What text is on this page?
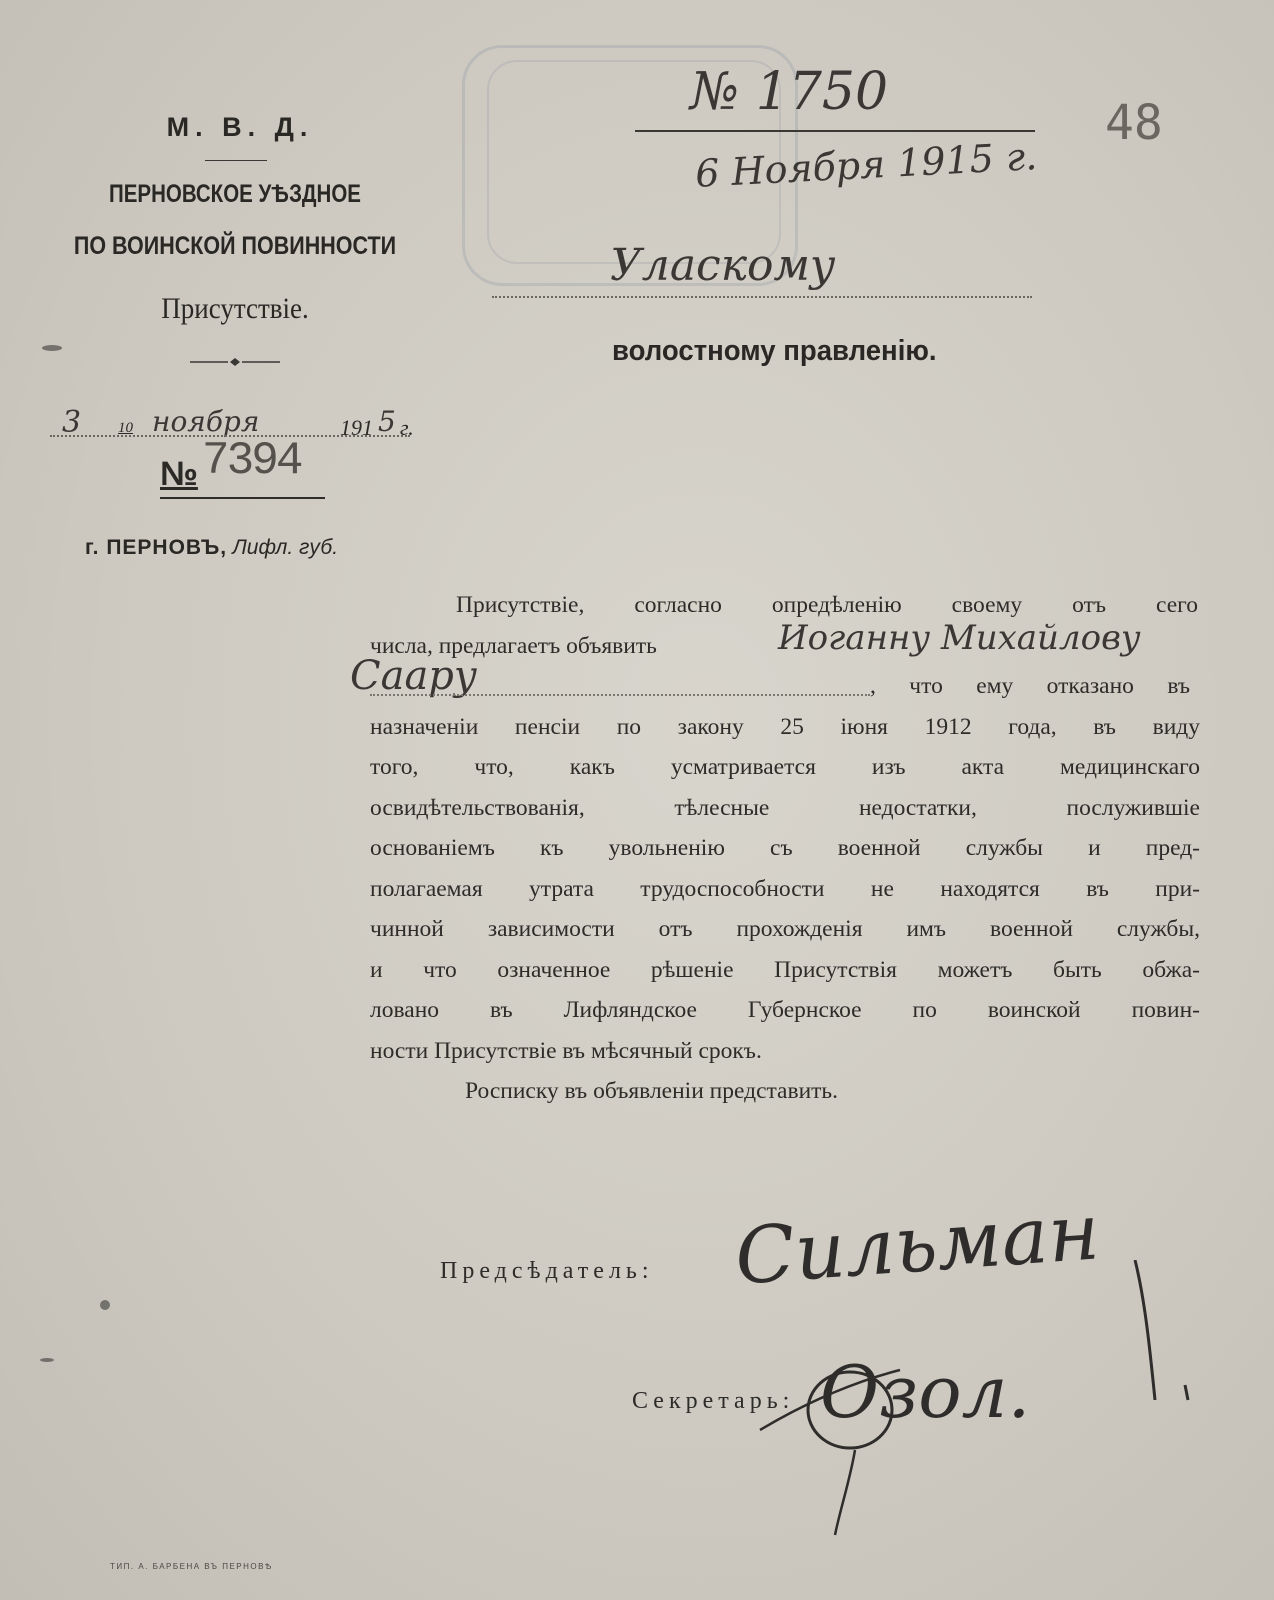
М. В. Д.
ПЕРНОВСКОЕ УѢЗДНОЕ
ПО ВОИНСКОЙ ПОВИННОСТИ
Присутствiе.
3 10 ноября	191 5 г.
№ 7394
г. ПЕРНОВЪ, Лифл. губ.
№ 1750
6 Ноября 1915 г.
48
Уласкому
волостному правленiю.
Присутствiе, согласно опредѣленiю своему отъ сего
числа, предлагаетъ объявить	Иоганну Михайлову
Саару	, что ему отказано въ
назначенiи пенсiи по закону 25 iюня 1912 года, въ виду
того, что, какъ усматривается изъ акта медицинскаго
освидѣтельствованiя, тѣлесные недостатки, послужившiе
основанiемъ къ увольненiю съ военной службы и пред-
полагаемая утрата трудоспособности не находятся въ при-
чинной зависимости отъ прохожденiя имъ военной службы,
и что означенное рѣшенiе Присутствiя можетъ быть обжа-
ловано въ Лифляндское Губернское по воинской повин-
ности Присутствiе въ мѣсячный срокъ.
Росписку въ объявленiи представить.
Предсѣдатель: Сильман
Секретарь: Озол.
ТИП. А. БАРБЕНА ВЪ ПЕРНОВѢ
